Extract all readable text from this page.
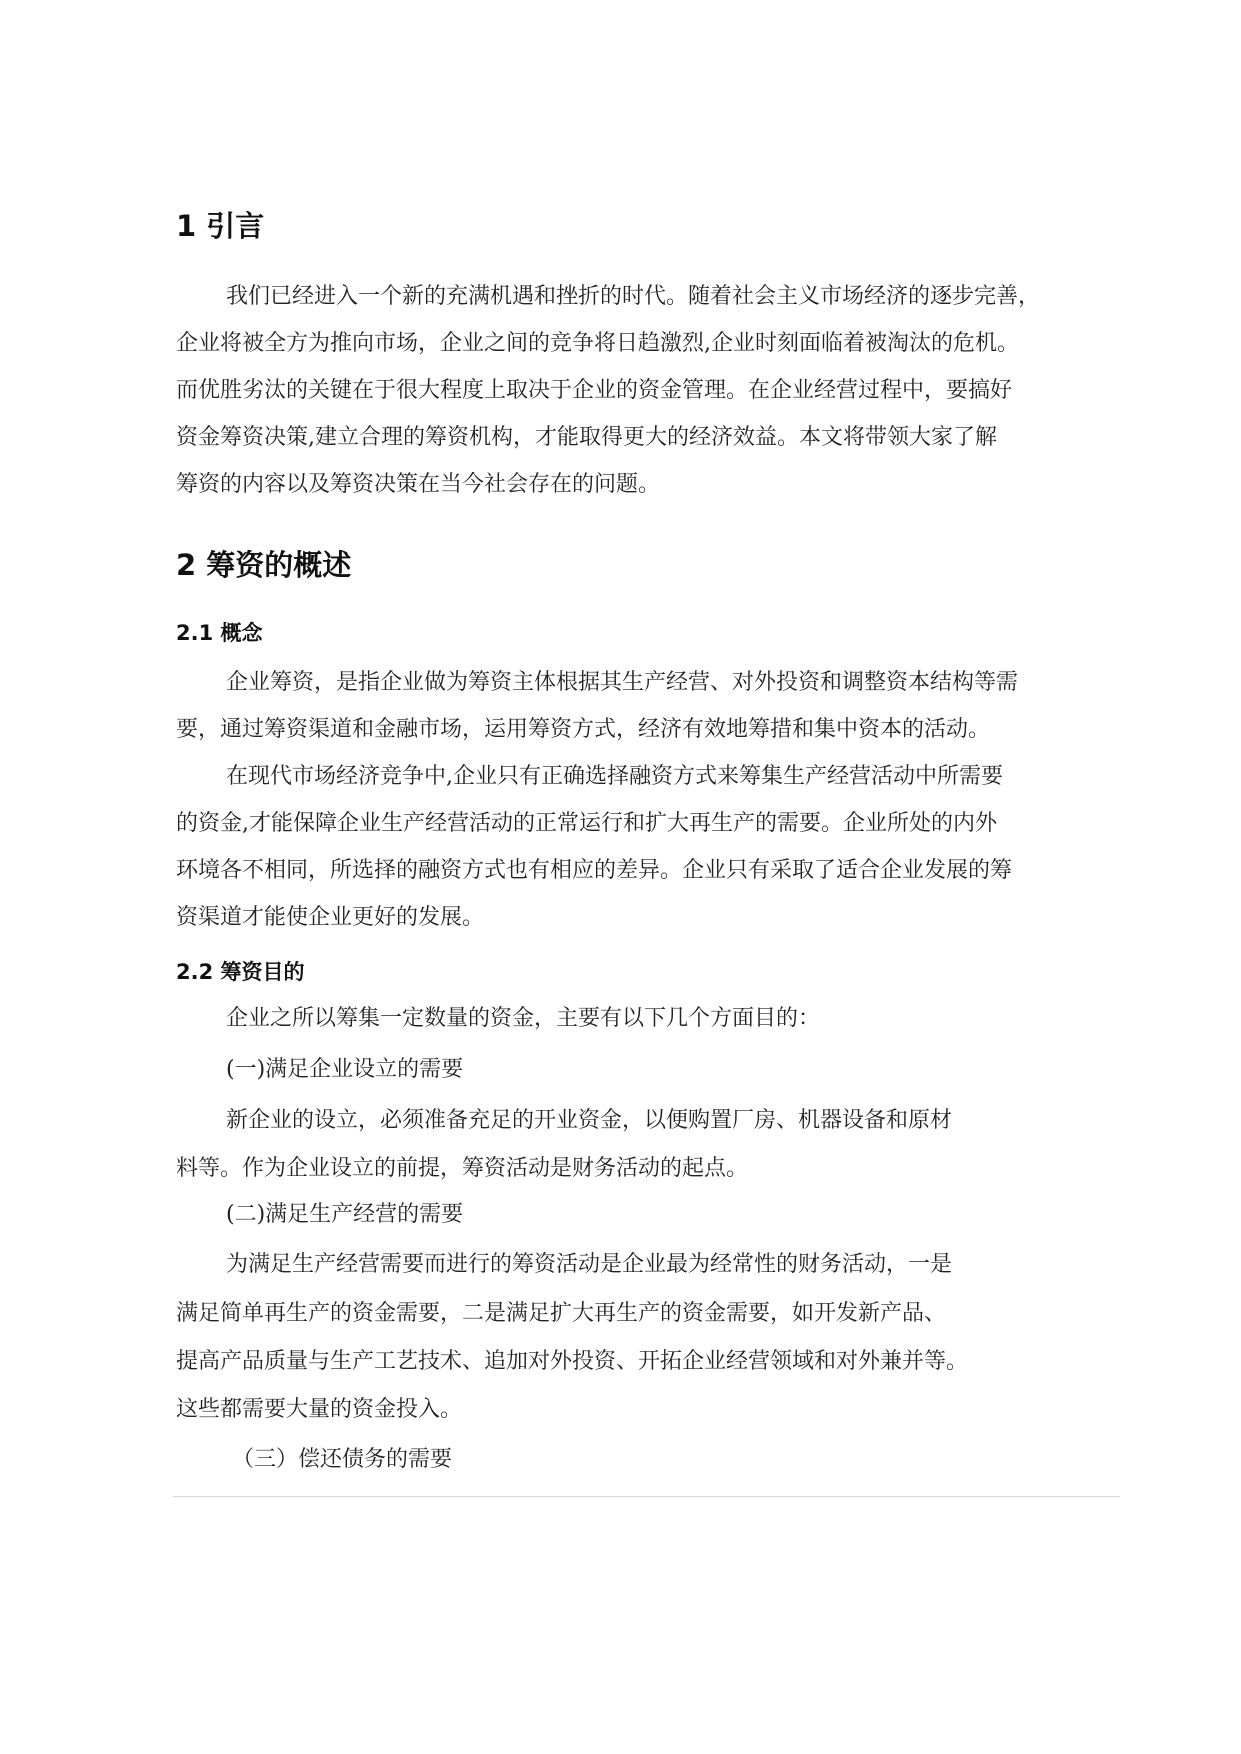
1 引言

我们已经进入一个新的充满机遇和挫折的时代。随着社会主义市场经济的逐步完善，

企业将被全方为推向市场，企业之间的竞争将日趋激烈,企业时刻面临着被淘汰的危机。

而优胜劣汰的关键在于很大程度上取决于企业的资金管理。在企业经营过程中，要搞好

资金筹资决策,建立合理的筹资机构，才能取得更大的经济效益。本文将带领大家了解

筹资的内容以及筹资决策在当今社会存在的问题。

2 筹资的概述
2.1 概念

企业筹资，是指企业做为筹资主体根据其生产经营、对外投资和调整资本结构等需

要，通过筹资渠道和金融市场，运用筹资方式，经济有效地筹措和集中资本的活动。

在现代市场经济竞争中,企业只有正确选择融资方式来筹集生产经营活动中所需要

的资金,才能保障企业生产经营活动的正常运行和扩大再生产的需要。企业所处的内外

环境各不相同，所选择的融资方式也有相应的差异。企业只有采取了适合企业发展的筹

资渠道才能使企业更好的发展。

2.2 筹资目的

企业之所以筹集一定数量的资金，主要有以下几个方面目的：

(一)满足企业设立的需要

新企业的设立，必须准备充足的开业资金，以便购置厂房、机器设备和原材

料等。作为企业设立的前提，筹资活动是财务活动的起点。

(二)满足生产经营的需要

为满足生产经营需要而进行的筹资活动是企业最为经常性的财务活动，一是

满足简单再生产的资金需要，二是满足扩大再生产的资金需要，如开发新产品、

提高产品质量与生产工艺技术、追加对外投资、开拓企业经营领域和对外兼并等。

这些都需要大量的资金投入。

（三）偿还债务的需要
